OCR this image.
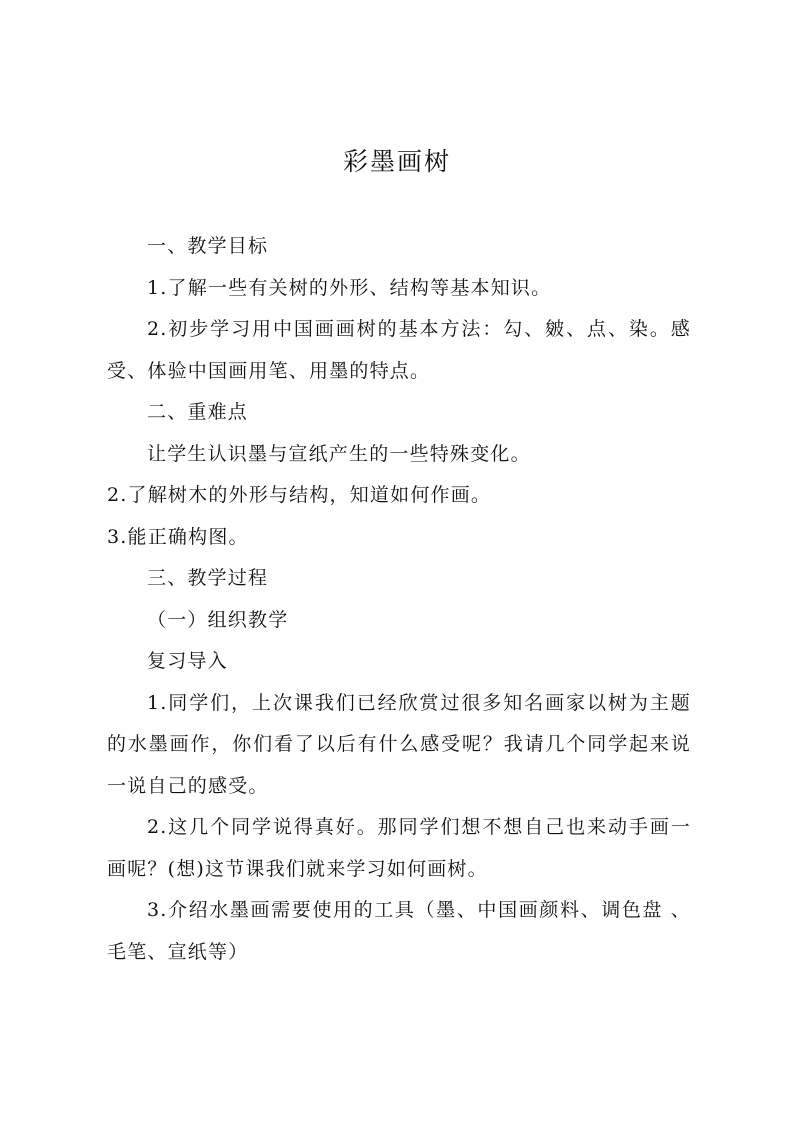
彩墨画树

一、教学目标

1.了解一些有关树的外形、结构等基本知识。

2.初步学习用中国画画树的基本方法：勾、皴、点、染。感受、体验中国画用笔、用墨的特点。

二、重难点

让学生认识墨与宣纸产生的一些特殊变化。

2.了解树木的外形与结构，知道如何作画。

3.能正确构图。

三、教学过程

（一）组织教学

复习导入

1.同学们，上次课我们已经欣赏过很多知名画家以树为主题的水墨画作，你们看了以后有什么感受呢？我请几个同学起来说一说自己的感受。

2.这几个同学说得真好。那同学们想不想自己也来动手画一画呢？(想)这节课我们就来学习如何画树。

3.介绍水墨画需要使用的工具（墨、中国画颜料、调色盘 、毛笔、宣纸等）
